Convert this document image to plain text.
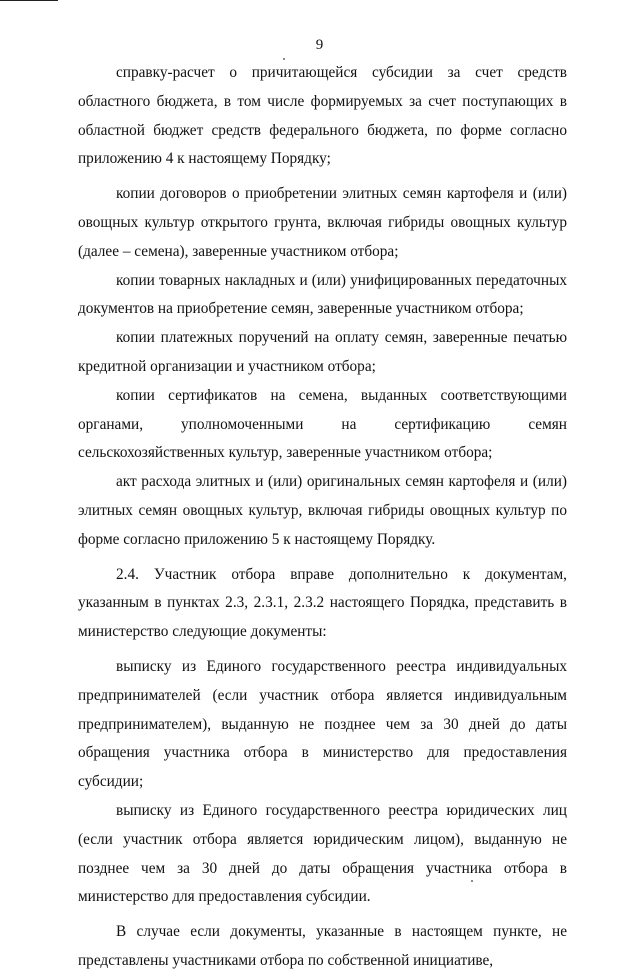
9

справку-расчет о причитающейся субсидии за счет средств областного бюджета, в том числе формируемых за счет поступающих в областной бюджет средств федерального бюджета, по форме согласно приложению 4 к настоящему Порядку;

копии договоров о приобретении элитных семян картофеля и (или) овощных культур открытого грунта, включая гибриды овощных культур (далее – семена), заверенные участником отбора;

копии товарных накладных и (или) унифицированных передаточных документов на приобретение семян, заверенные участником отбора;

копии платежных поручений на оплату семян, заверенные печатью кредитной организации и участником отбора;

копии сертификатов на семена, выданных соответствующими органами, уполномоченными на сертификацию семян сельскохозяйственных культур, заверенные участником отбора;

акт расхода элитных и (или) оригинальных семян картофеля и (или) элитных семян овощных культур, включая гибриды овощных культур по форме согласно приложению 5 к настоящему Порядку.

2.4. Участник отбора вправе дополнительно к документам, указанным в пунктах 2.3, 2.3.1, 2.3.2 настоящего Порядка, представить в министерство следующие документы:

выписку из Единого государственного реестра индивидуальных предпринимателей (если участник отбора является индивидуальным предпринимателем), выданную не позднее чем за 30 дней до даты обращения участника отбора в министерство для предоставления субсидии;

выписку из Единого государственного реестра юридических лиц (если участник отбора является юридическим лицом), выданную не позднее чем за 30 дней до даты обращения участника отбора в министерство для предоставления субсидии.

В случае если документы, указанные в настоящем пункте, не представлены участниками отбора по собственной инициативе,
